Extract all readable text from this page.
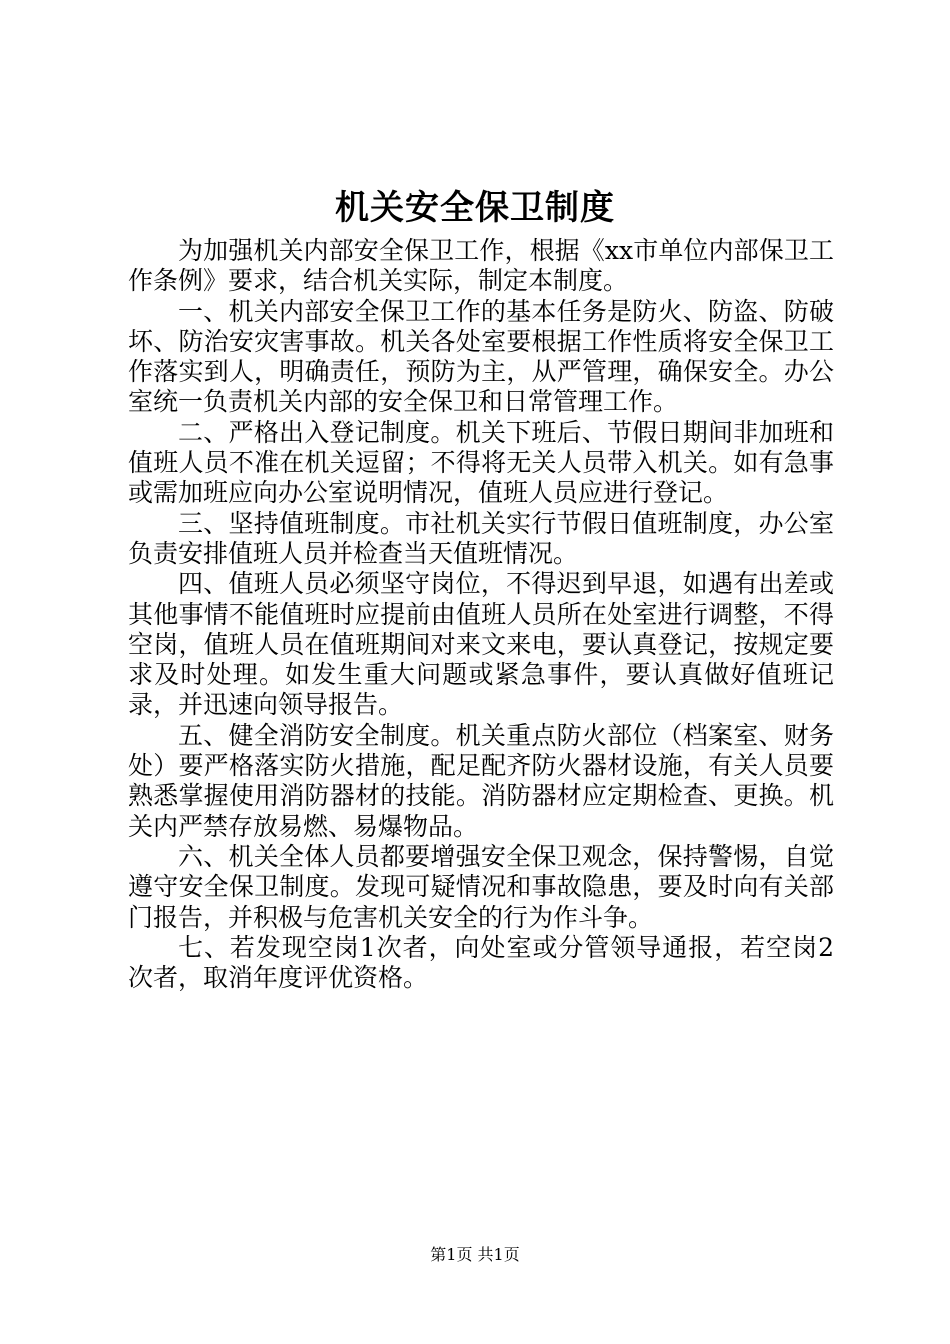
机关安全保卫制度

为加强机关内部安全保卫工作，根据《xx市单位内部保卫工作条例》要求，结合机关实际，制定本制度。

一、机关内部安全保卫工作的基本任务是防火、防盗、防破坏、防治安灾害事故。机关各处室要根据工作性质将安全保卫工作落实到人，明确责任，预防为主，从严管理，确保安全。办公室统一负责机关内部的安全保卫和日常管理工作。

二、严格出入登记制度。机关下班后、节假日期间非加班和值班人员不准在机关逗留；不得将无关人员带入机关。如有急事或需加班应向办公室说明情况，值班人员应进行登记。

三、坚持值班制度。市社机关实行节假日值班制度，办公室负责安排值班人员并检查当天值班情况。

四、值班人员必须坚守岗位，不得迟到早退，如遇有出差或其他事情不能值班时应提前由值班人员所在处室进行调整，不得空岗，值班人员在值班期间对来文来电，要认真登记，按规定要求及时处理。如发生重大问题或紧急事件，要认真做好值班记录，并迅速向领导报告。

五、健全消防安全制度。机关重点防火部位（档案室、财务处）要严格落实防火措施，配足配齐防火器材设施，有关人员要熟悉掌握使用消防器材的技能。消防器材应定期检查、更换。机关内严禁存放易燃、易爆物品。

六、机关全体人员都要增强安全保卫观念，保持警惕，自觉遵守安全保卫制度。发现可疑情况和事故隐患，要及时向有关部门报告，并积极与危害机关安全的行为作斗争。

七、若发现空岗1次者，向处室或分管领导通报，若空岗2次者，取消年度评优资格。

第1页 共1页
